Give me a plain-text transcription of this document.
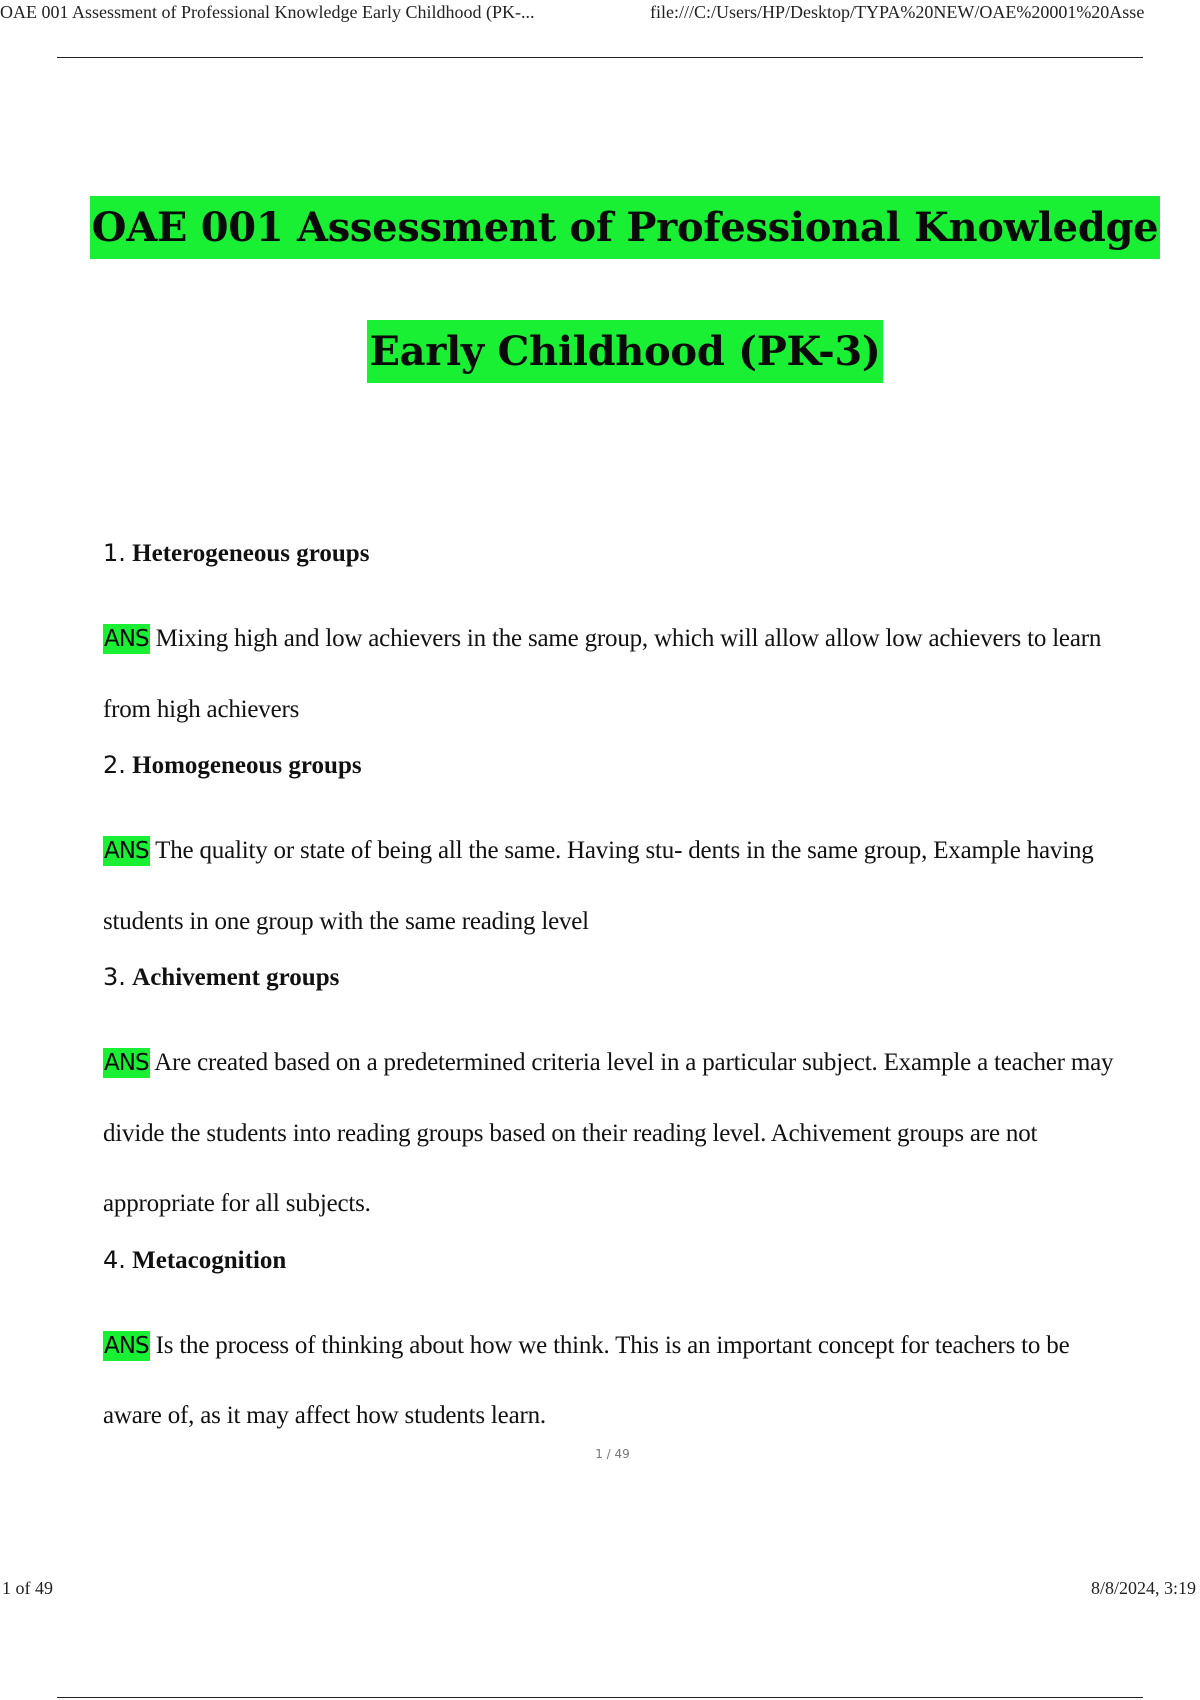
OAE 001 Assessment of Professional Knowledge Early Childhood (PK-...	file:///C:/Users/HP/Desktop/TYPA%20NEW/OAE%20001%20Asse
OAE 001 Assessment of Professional Knowledge
Early Childhood (PK-3)
1. Heterogeneous groups

ANS Mixing high and low achievers in the same group, which will allow allow low achievers to learn from high achievers

2. Homogeneous groups

ANS The quality or state of being all the same. Having stu- dents in the same group, Example having students in one group with the same reading level

3. Achivement groups

ANS Are created based on a predetermined criteria level in a particular subject. Example a teacher may divide the students into reading groups based on their reading level. Achivement groups are not appropriate for all subjects.

4. Metacognition

ANS Is the process of thinking about how we think. This is an important concept for teachers to be aware of, as it may affect how students learn.

1 / 49
1 of 49	8/8/2024, 3:19
